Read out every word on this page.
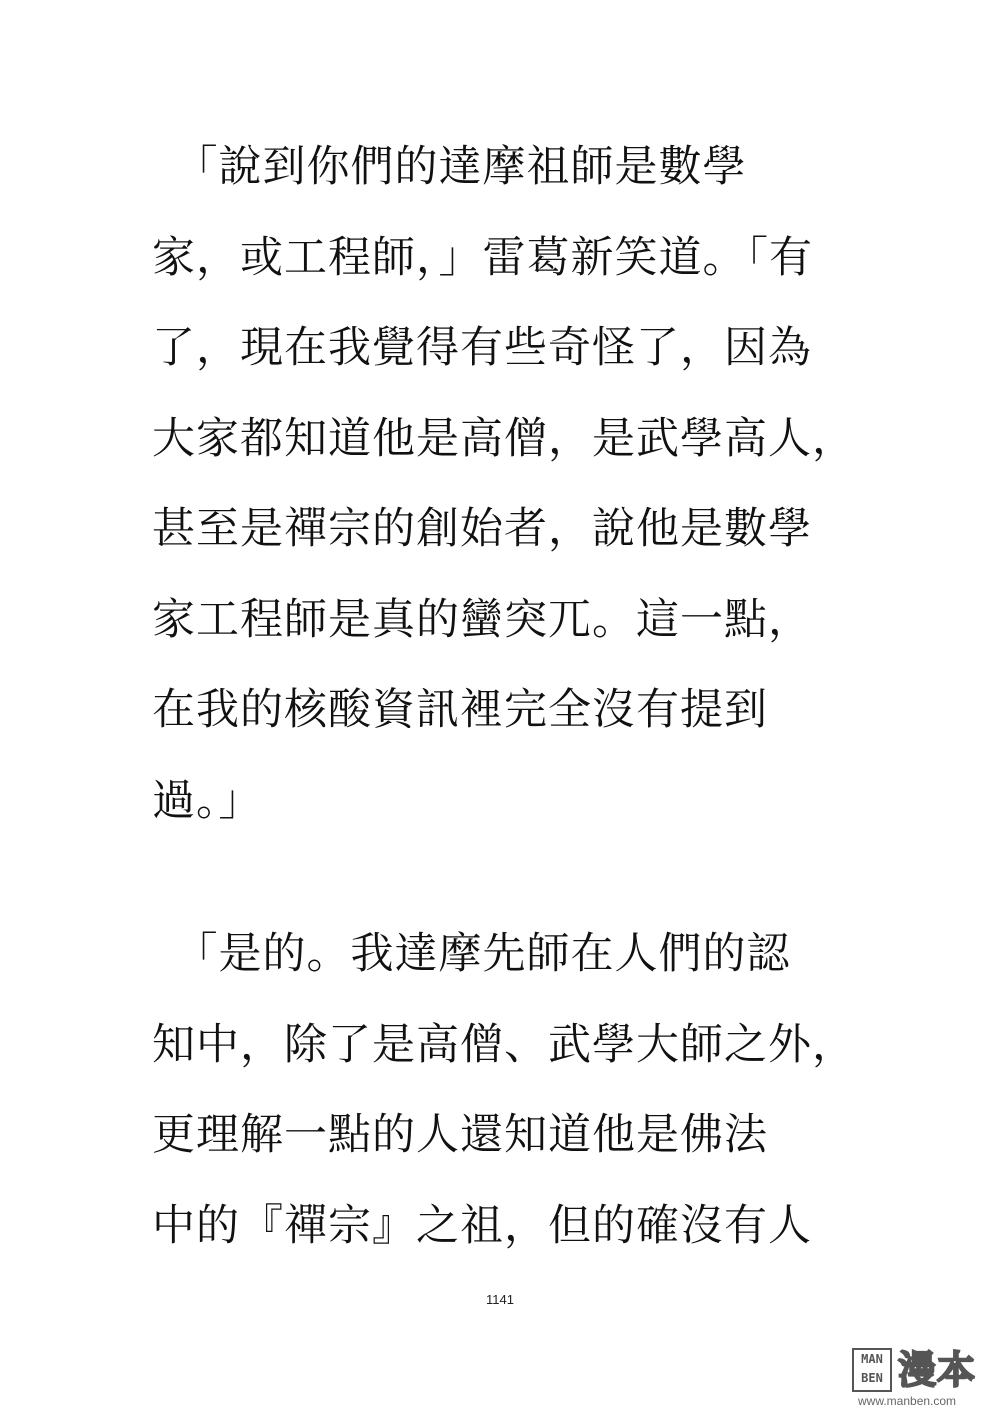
　「說到你們的達摩祖師是數學
家，或工程師，」雷葛新笑道。「有
了，現在我覺得有些奇怪了，因為
大家都知道他是高僧，是武學高人，
甚至是禪宗的創始者，說他是數學
家工程師是真的蠻突兀。這一點，
在我的核酸資訊裡完全沒有提到
過。」
　「是的。我達摩先師在人們的認
知中，除了是高僧、武學大師之外，
更理解一點的人還知道他是佛法
中的『禪宗』之祖，但的確沒有人
1141
MAN
BEN 漫本
www.manben.com
